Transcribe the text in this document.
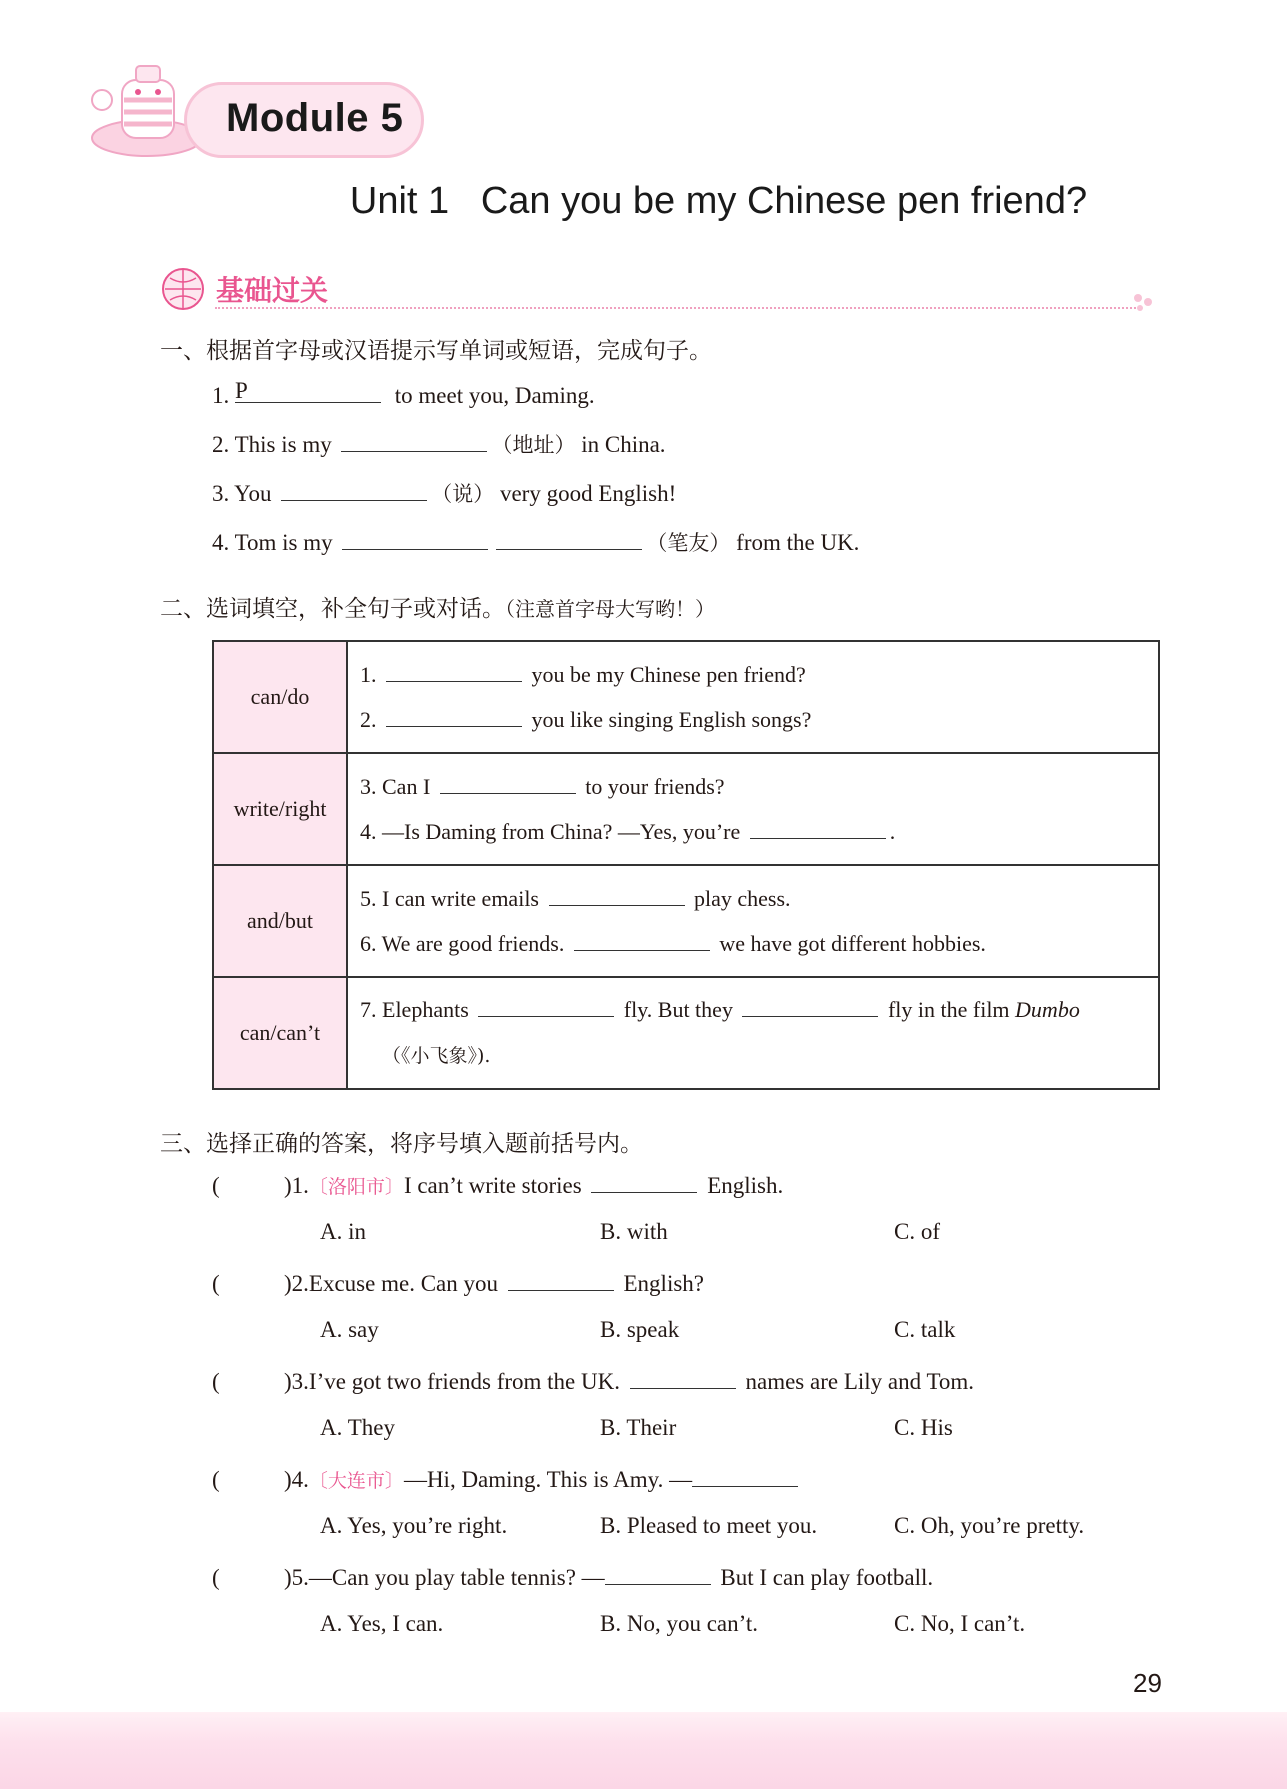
Module 5
Unit 1   Can you be my Chinese pen friend?
基础过关
一、根据首字母或汉语提示写单词或短语，完成句子。
1. P	to meet you, Daming.
2. This is my	（地址） in China.
3. You	（说） very good English!
4. Tom is my	（笔友） from the UK.
二、选词填空，补全句子或对话。（注意首字母大写哟！）
can/do	1. you be my Chinese pen friend?
2. you like singing English songs?

write/right	3. Can I to your friends?
4. —Is Daming from China? —Yes, you’re .

and/but	5. I can write emails play chess.
6. We are good friends. we have got different hobbies.

can/can’t	7. Elephants fly. But they fly in the film Dumbo
（《小飞象》).
三、选择正确的答案，将序号填入题前括号内。
(	)1.〔洛阳市〕I can’t write stories	English.
A. in	B. with	C. of
(	)2.Excuse me. Can you	English?
A. say	B. speak	C. talk
(	)3.I’ve got two friends from the UK.	names are Lily and Tom.
A. They	B. Their	C. His
(	)4.〔大连市〕—Hi, Daming. This is Amy. —
A. Yes, you’re right.	B. Pleased to meet you.	C. Oh, you’re pretty.
(	)5.—Can you play table tennis? —	But I can play football.
A. Yes, I can.	B. No, you can’t.	C. No, I can’t.
29
